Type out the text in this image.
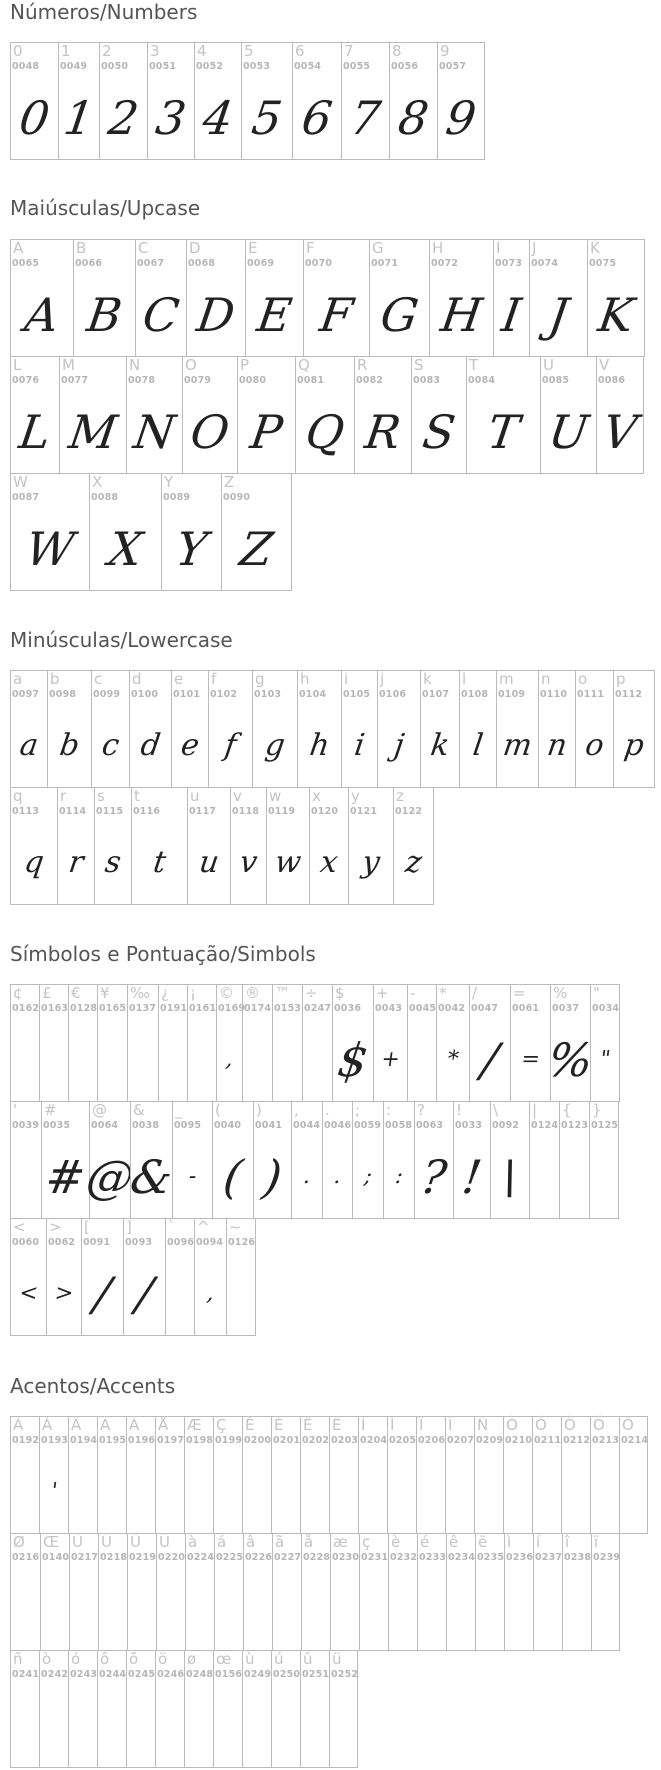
Números/Numbers
Maiúsculas/Upcase
Minúsculas/Lowercase
Símbolos e Pontuação/Simbols
Acentos/Accents
0
0048
0
1
0049
1
2
0050
2
3
0051
3
4
0052
4
5
0053
5
6
0054
6
7
0055
7
8
0056
8
9
0057
9
A
0065
A
B
0066
B
C
0067
C
D
0068
D
E
0069
E
F
0070
F
G
0071
G
H
0072
H
I
0073
I
J
0074
J
K
0075
K
L
0076
L
M
0077
M
N
0078
N
O
0079
O
P
0080
P
Q
0081
Q
R
0082
R
S
0083
S
T
0084
T
U
0085
U
V
0086
V
W
0087
W
X
0088
X
Y
0089
Y
Z
0090
Z
a
0097
a
b
0098
b
c
0099
c
d
0100
d
e
0101
e
f
0102
f
g
0103
g
h
0104
h
i
0105
i
j
0106
j
k
0107
k
l
0108
l
m
0109
m
n
0110
n
o
0111
o
p
0112
p
q
0113
q
r
0114
r
s
0115
s
t
0116
t
u
0117
u
v
0118
v
w
0119
w
x
0120
x
y
0121
y
z
0122
z
¢
0162
£
0163
€
0128
¥
0165
‰
0137
¿
0191
¡
0161
©
0169
,
®
0174
™
0153
÷
0247
$
0036
$
+
0043
+
-
0045
*
0042
*
/
0047
/
=
0061
=
%
0037
%
"
0034
"
'
0039
#
0035
#
@
0064
@
&
0038
&
_
0095
-
(
0040
(
)
0041
)
,
0044
.
.
0046
.
;
0059
;
:
0058
:
?
0063
?
!
0033
!
\
0092
\
|
0124
{
0123
}
0125
<
0060
<
>
0062
>
[
0091
/
]
0093
/
`
0096
^
0094
,
~
0126
À
0192
Á
0193
'
Â
0194
Ã
0195
Ä
0196
Å
0197
Æ
0198
Ç
0199
È
0200
É
0201
Ê
0202
Ë
0203
Ì
0204
Í
0205
Î
0206
Ï
0207
Ñ
0209
Ò
0210
Ó
0211
Ô
0212
Õ
0213
Ö
0214
Ø
0216
Œ
0140
Ù
0217
Ú
0218
Û
0219
Ü
0220
à
0224
á
0225
â
0226
ã
0227
å
0228
æ
0230
ç
0231
è
0232
é
0233
ê
0234
ë
0235
ì
0236
í
0237
î
0238
ï
0239
ñ
0241
ò
0242
ó
0243
ô
0244
õ
0245
ö
0246
ø
0248
œ
0156
ù
0249
ú
0250
û
0251
ü
0252
